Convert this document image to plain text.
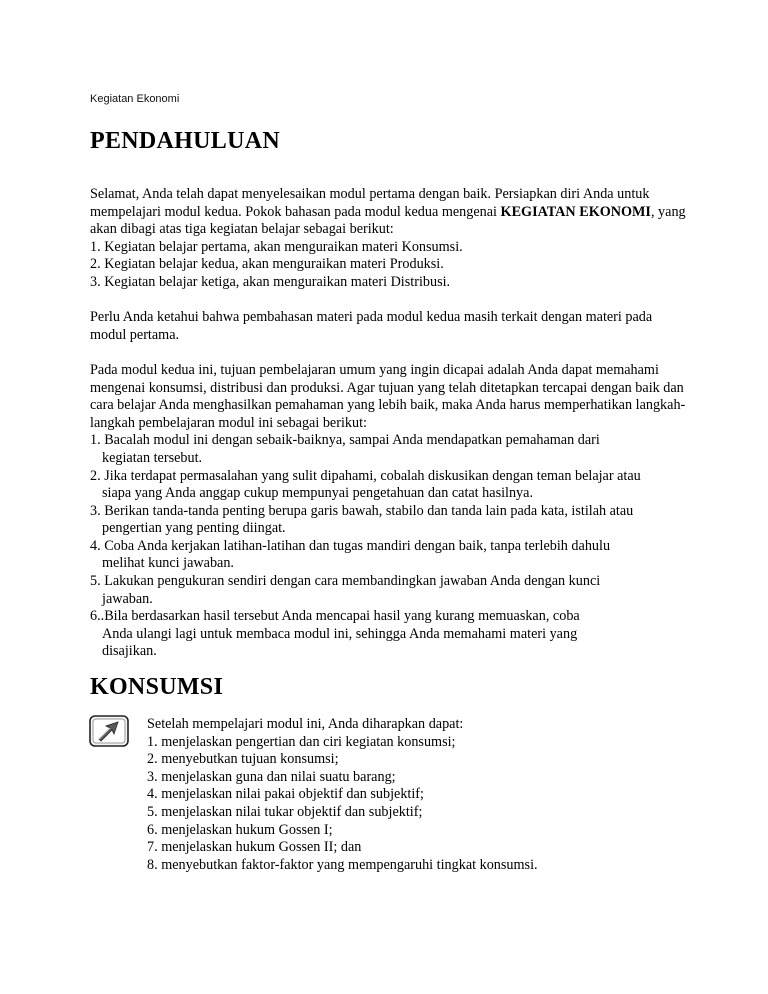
Kegiatan Ekonomi
PENDAHULUAN

Selamat, Anda telah dapat menyelesaikan modul pertama dengan baik. Persiapkan diri Anda untuk mempelajari modul kedua. Pokok bahasan pada modul kedua mengenai KEGIATAN EKONOMI, yang akan dibagi atas tiga kegiatan belajar sebagai berikut:

1. Kegiatan belajar pertama, akan menguraikan materi Konsumsi.

2. Kegiatan belajar kedua, akan menguraikan materi Produksi.

3. Kegiatan belajar ketiga, akan menguraikan materi Distribusi.

Perlu Anda ketahui bahwa pembahasan materi pada modul kedua masih terkait dengan materi pada modul pertama.

Pada modul kedua ini, tujuan pembelajaran umum yang ingin dicapai adalah Anda dapat memahami mengenai konsumsi, distribusi dan produksi. Agar tujuan yang telah ditetapkan tercapai dengan baik dan cara belajar Anda menghasilkan pemahaman yang lebih baik, maka Anda harus memperhatikan langkah-langkah pembelajaran modul ini sebagai berikut:

1. Bacalah modul ini dengan sebaik-baiknya, sampai Anda mendapatkan pemahaman dari

kegiatan tersebut.

2. Jika terdapat permasalahan yang sulit dipahami, cobalah diskusikan dengan teman belajar atau

siapa yang Anda anggap cukup mempunyai pengetahuan dan catat hasilnya.

3. Berikan tanda-tanda penting berupa garis bawah, stabilo dan tanda lain pada kata, istilah atau

pengertian yang penting diingat.

4. Coba Anda kerjakan latihan-latihan dan tugas mandiri dengan baik, tanpa terlebih dahulu

melihat kunci jawaban.

5. Lakukan pengukuran sendiri dengan cara membandingkan jawaban Anda dengan kunci

jawaban.

6..Bila berdasarkan hasil tersebut Anda mencapai hasil yang kurang memuaskan, coba

Anda ulangi lagi untuk membaca modul ini, sehingga Anda memahami materi yang

disajikan.

KONSUMSI

Setelah mempelajari modul ini, Anda diharapkan dapat:

1. menjelaskan pengertian dan ciri kegiatan konsumsi;

2. menyebutkan tujuan konsumsi;

3. menjelaskan guna dan nilai suatu barang;

4. menjelaskan nilai pakai objektif dan subjektif;

5. menjelaskan nilai tukar objektif dan subjektif;

6. menjelaskan hukum Gossen I;

7. menjelaskan hukum Gossen II; dan

8. menyebutkan faktor-faktor yang mempengaruhi tingkat konsumsi.
